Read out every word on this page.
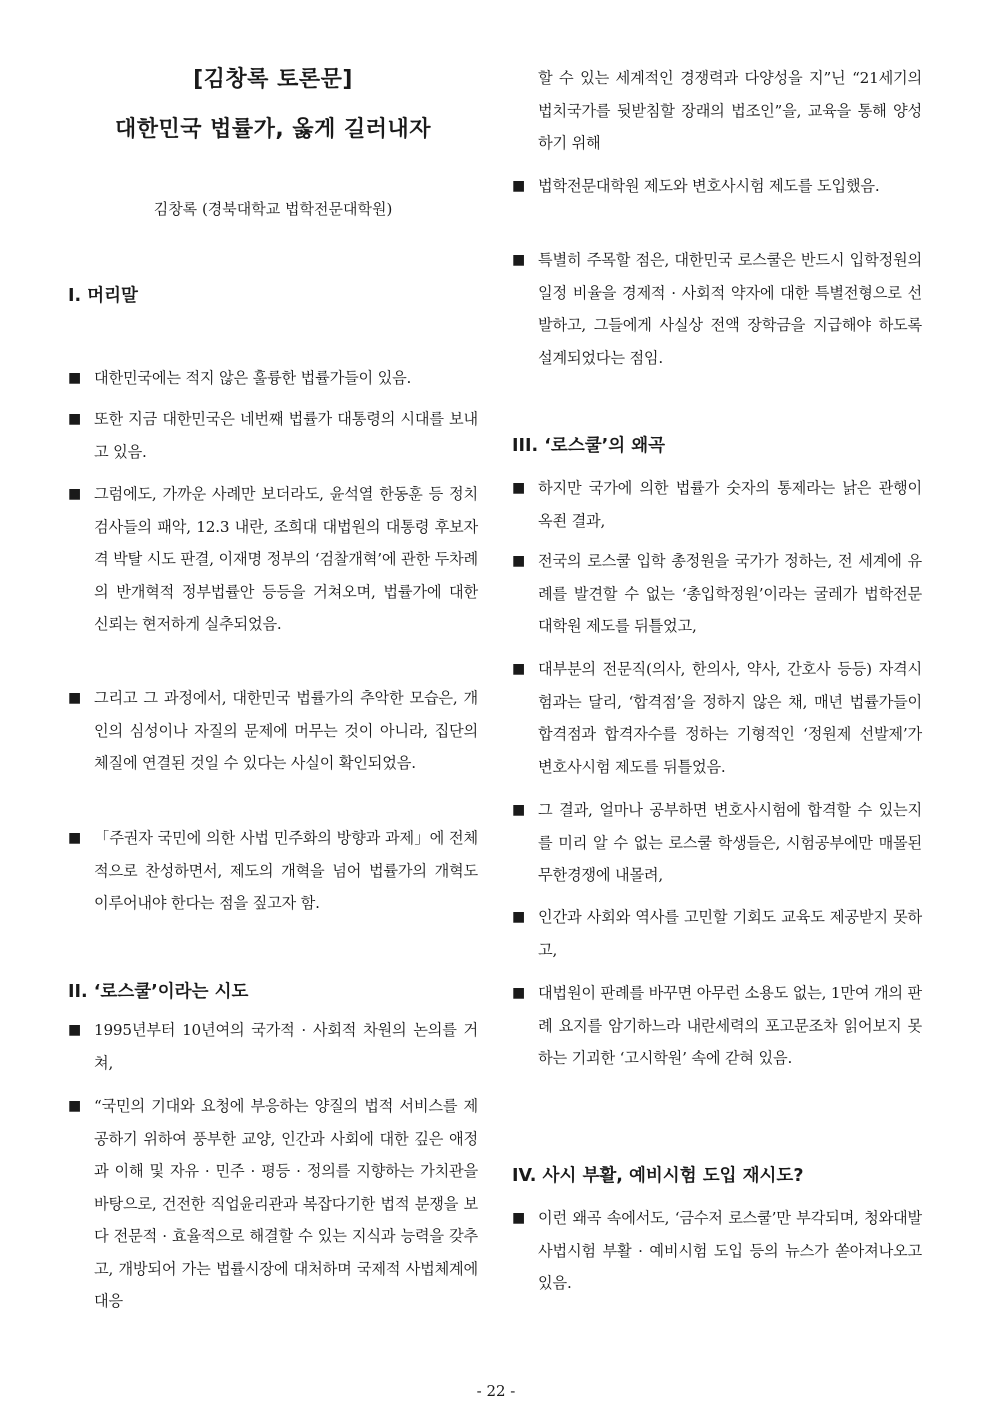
[김창록 토론문]
대한민국 법률가, 옳게 길러내자
김창록 (경북대학교 법학전문대학원)
I. 머리말
■ 대한민국에는 적지 않은 훌륭한 법률가들이 있음.
■ 또한 지금 대한민국은 네번째 법률가 대통령의 시대를 보내고 있음.
■ 그럼에도, 가까운 사례만 보더라도, 윤석열 한동훈 등 정치검사들의 패악, 12.3 내란, 조희대 대법원의 대통령 후보자격 박탈 시도 판결, 이재명 정부의 ‘검찰개혁’에 관한 두차례의 반개혁적 정부법률안 등등을 거쳐오며, 법률가에 대한 신뢰는 현저하게 실추되었음.
■ 그리고 그 과정에서, 대한민국 법률가의 추악한 모습은, 개인의 심성이나 자질의 문제에 머무는 것이 아니라, 집단의 체질에 연결된 것일 수 있다는 사실이 확인되었음.
■ 「주권자 국민에 의한 사법 민주화의 방향과 과제」에 전체적으로 찬성하면서, 제도의 개혁을 넘어 법률가의 개혁도 이루어내야 한다는 점을 짚고자 함.
II. ‘로스쿨’이라는 시도
■ 1995년부터 10년여의 국가적 · 사회적 차원의 논의를 거쳐,
■ “국민의 기대와 요청에 부응하는 양질의 법적 서비스를 제공하기 위하여 풍부한 교양, 인간과 사회에 대한 깊은 애정과 이해 및 자유 · 민주 · 평등 · 정의를 지향하는 가치관을 바탕으로, 건전한 직업윤리관과 복잡다기한 법적 분쟁을 보다 전문적 · 효율적으로 해결할 수 있는 지식과 능력을 갖추고, 개방되어 가는 법률시장에 대처하며 국제적 사법체계에 대응
할 수 있는 세계적인 경쟁력과 다양성을 지”닌 “21세기의 법치국가를 뒷받침할 장래의 법조인”을, 교육을 통해 양성하기 위해
■ 법학전문대학원 제도와 변호사시험 제도를 도입했음.
■ 특별히 주목할 점은, 대한민국 로스쿨은 반드시 입학정원의 일정 비율을 경제적 · 사회적 약자에 대한 특별전형으로 선발하고, 그들에게 사실상 전액 장학금을 지급해야 하도록 설계되었다는 점임.
III. ‘로스쿨’의 왜곡
■ 하지만 국가에 의한 법률가 숫자의 통제라는 낡은 관행이 옥죈 결과,
■ 전국의 로스쿨 입학 총정원을 국가가 정하는, 전 세계에 유례를 발견할 수 없는 ‘총입학정원’이라는 굴레가 법학전문대학원 제도를 뒤틀었고,
■ 대부분의 전문직(의사, 한의사, 약사, 간호사 등등) 자격시험과는 달리, ‘합격점’을 정하지 않은 채, 매년 법률가들이 합격점과 합격자수를 정하는 기형적인 ‘정원제 선발제’가 변호사시험 제도를 뒤틀었음.
■ 그 결과, 얼마나 공부하면 변호사시험에 합격할 수 있는지를 미리 알 수 없는 로스쿨 학생들은, 시험공부에만 매몰된 무한경쟁에 내몰려,
■ 인간과 사회와 역사를 고민할 기회도 교육도 제공받지 못하고,
■ 대법원이 판례를 바꾸면 아무런 소용도 없는, 1만여 개의 판례 요지를 암기하느라 내란세력의 포고문조차 읽어보지 못하는 기괴한 ‘고시학원’ 속에 갇혀 있음.
IV. 사시 부활, 예비시험 도입 재시도?
■ 이런 왜곡 속에서도, ‘금수저 로스쿨’만 부각되며, 청와대발 사법시험 부활 · 예비시험 도입 등의 뉴스가 쏟아져나오고 있음.
- 22 -
